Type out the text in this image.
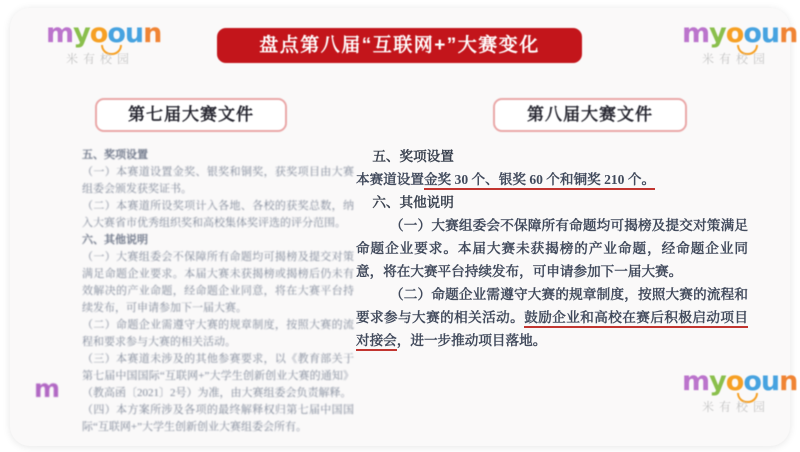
myooun
米有校园
myooun
米有校园
myooun
米有校园
m
盘点第八届“互联网+”大赛变化
第七届大赛文件	第八届大赛文件

五、奖项设置

（一）本赛道设置金奖、银奖和铜奖，获奖项目由大赛组委会颁发获奖证书。

（二）本赛道所设奖项计入各地、各校的获奖总数，纳入大赛省市优秀组织奖和高校集体奖评选的评分范围。

六、其他说明

（一）大赛组委会不保障所有命题均可揭榜及提交对策满足命题企业要求。本届大赛未获揭榜或揭榜后仍未有效解决的产业命题，经命题企业同意，将在大赛平台持续发布，可申请参加下一届大赛。

（二）命题企业需遵守大赛的规章制度，按照大赛的流程和要求参与大赛的相关活动。

（三）本赛道未涉及的其他参赛要求，以《教育部关于第七届中国国际“互联网+”大学生创新创业大赛的通知》（教高函〔2021〕2号）为准，由大赛组委会负责解释。

（四）本方案所涉及各项的最终解释权归第七届中国国际“互联网+”大学生创新创业大赛组委会所有。

五、奖项设置

本赛道设置金奖 30 个、银奖 60 个和铜奖 210 个。

六、其他说明

（一）大赛组委会不保障所有命题均可揭榜及提交对策满足命题企业要求。本届大赛未获揭榜的产业命题，经命题企业同意，将在大赛平台持续发布，可申请参加下一届大赛。

（二）命题企业需遵守大赛的规章制度，按照大赛的流程和要求参与大赛的相关活动。鼓励企业和高校在赛后积极启动项目对接会，进一步推动项目落地。
